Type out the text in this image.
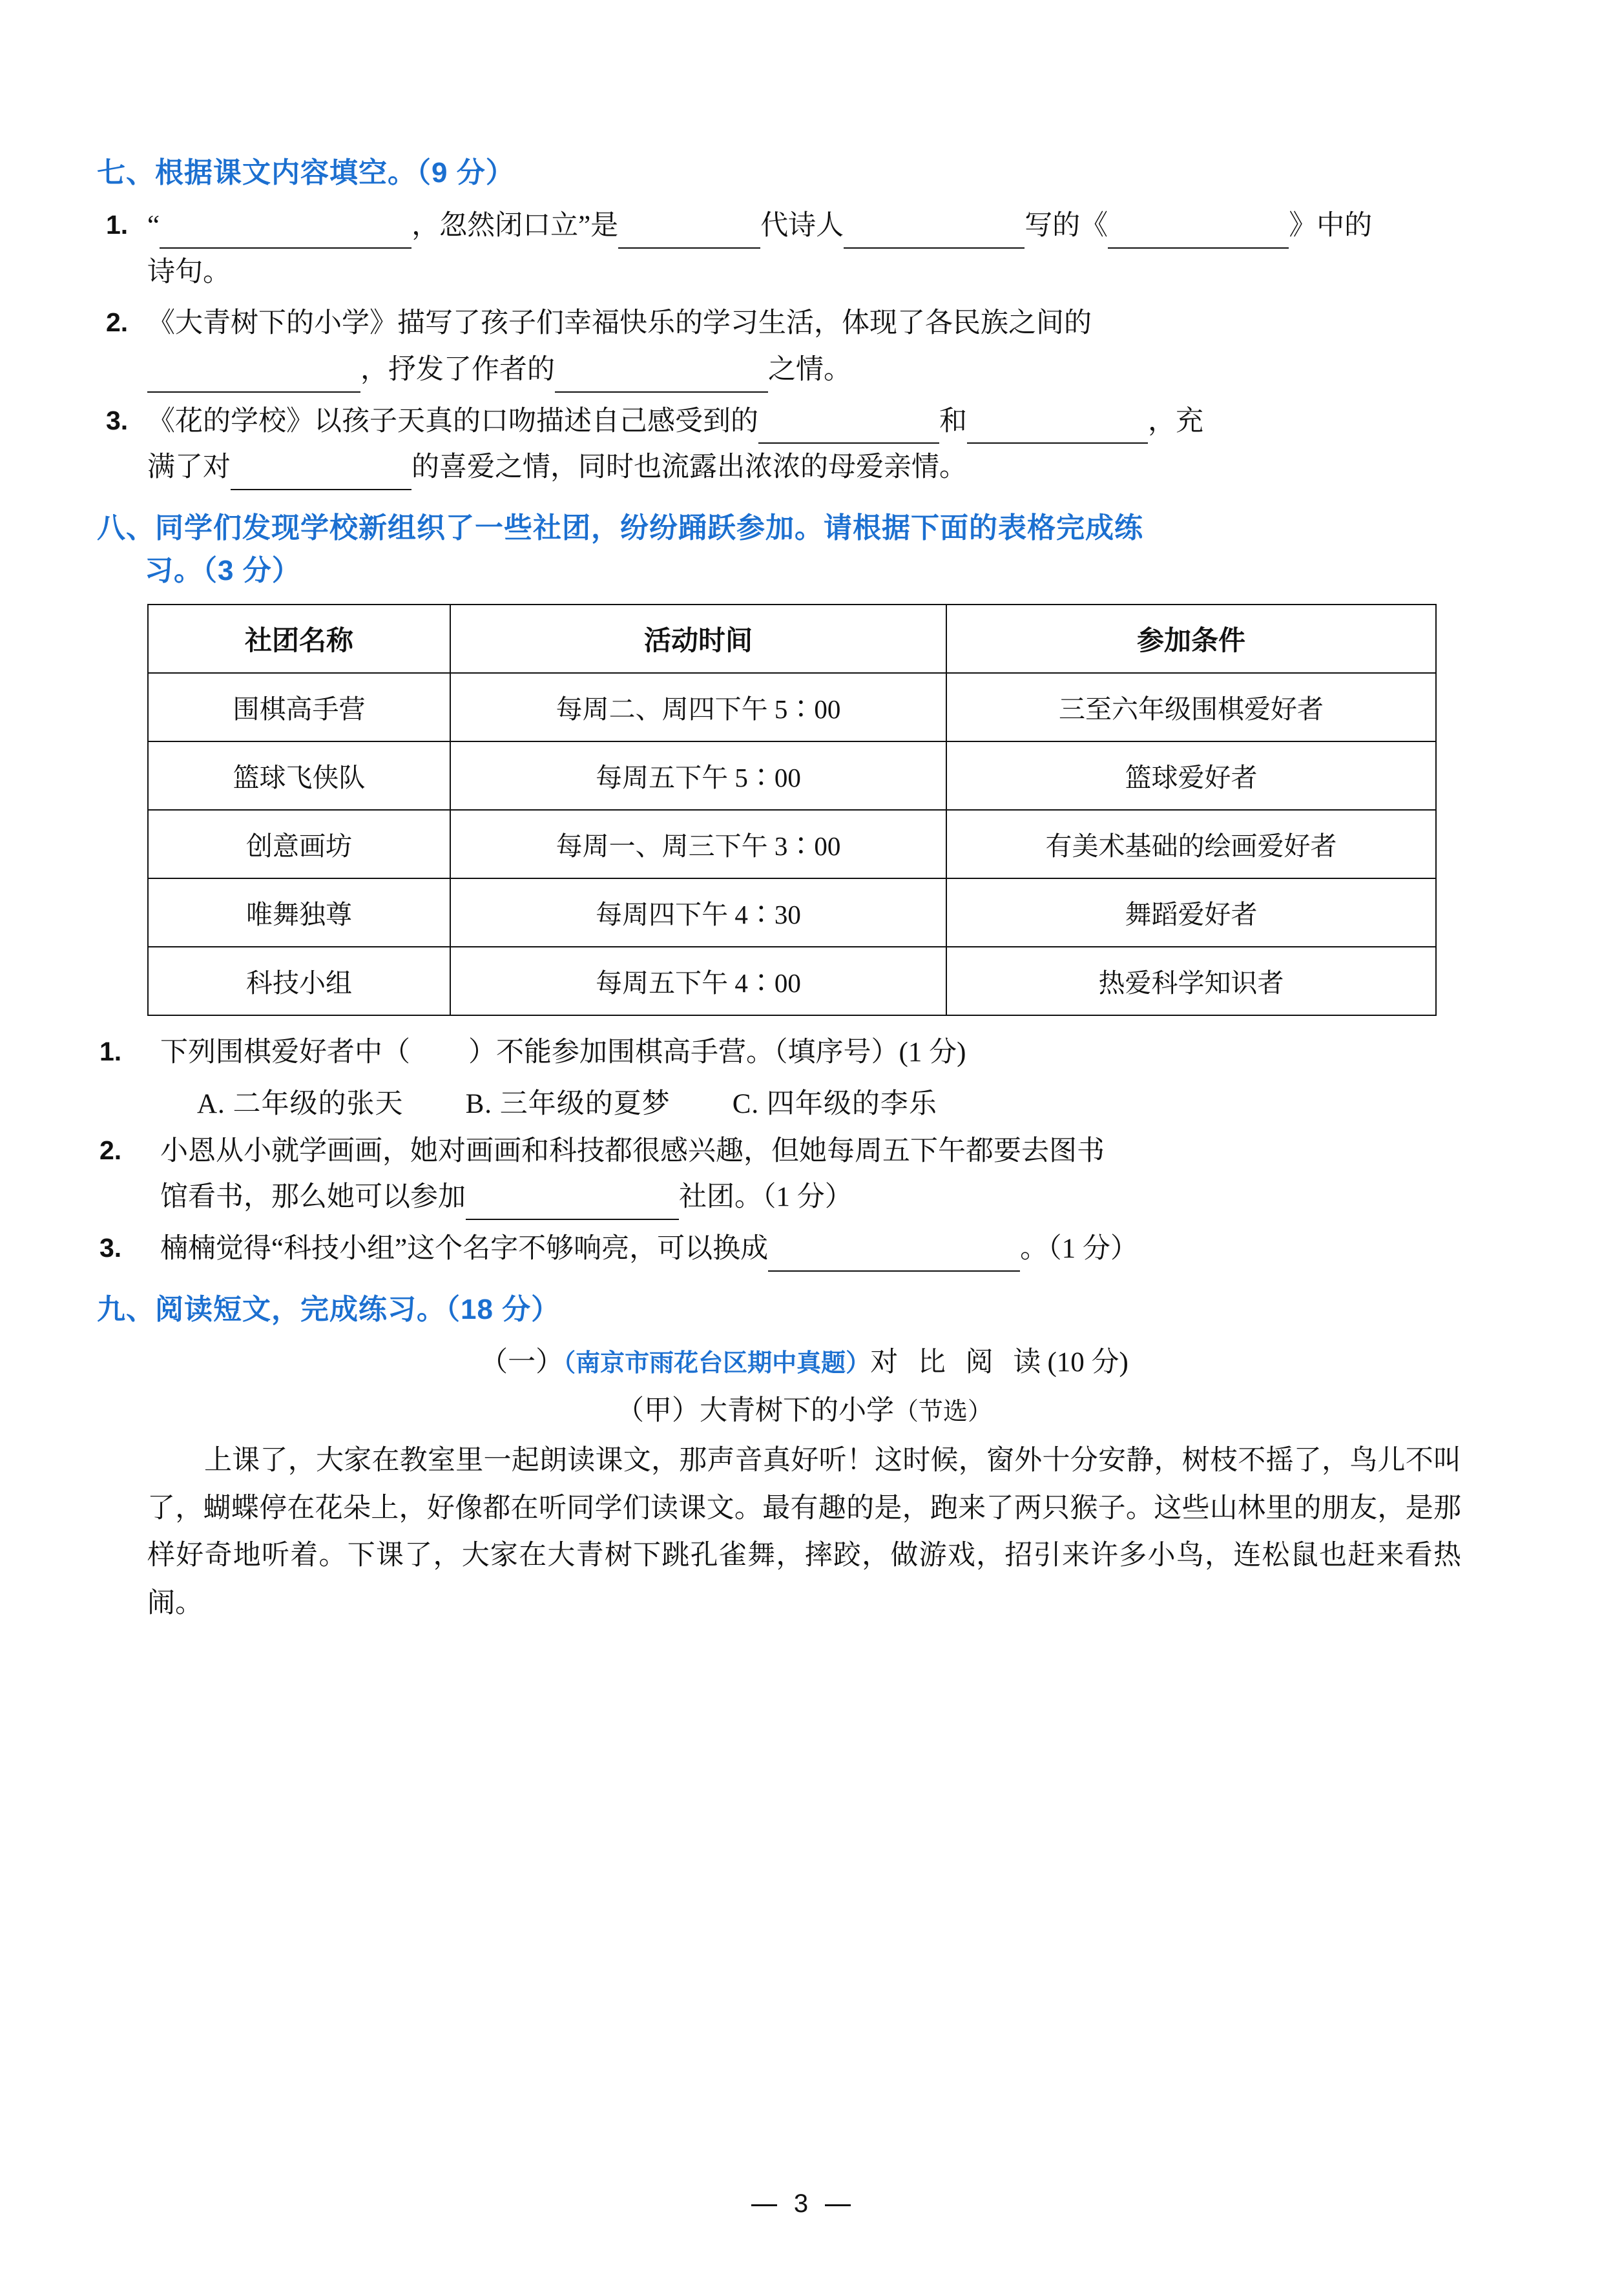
七、根据课文内容填空。（9 分）
1. “	，忽然闭口立”是	代诗人	写的《	》中的
诗句。
2. 《大青树下的小学》描写了孩子们幸福快乐的学习生活，体现了各民族之间的
，抒发了作者的	之情。
3. 《花的学校》以孩子天真的口吻描述自己感受到的	和	，充
满了对	的喜爱之情，同时也流露出浓浓的母爱亲情。
八、同学们发现学校新组织了一些社团，纷纷踊跃参加。请根据下面的表格完成练
习。（3 分）
社团名称	活动时间	参加条件
围棋高手营	每周二、周四下午 5∶00	三至六年级围棋爱好者
篮球飞侠队	每周五下午 5∶00	篮球爱好者
创意画坊	每周一、周三下午 3∶00	有美术基础的绘画爱好者
唯舞独尊	每周四下午 4∶30	舞蹈爱好者
科技小组	每周五下午 4∶00	热爱科学知识者
1. 下列围棋爱好者中（ ）不能参加围棋高手营。（填序号）(1 分)
A. 二年级的张天 B. 三年级的夏梦 C. 四年级的李乐
2. 小恩从小就学画画，她对画画和科技都很感兴趣，但她每周五下午都要去图书
馆看书，那么她可以参加	社团。（1 分）
3. 楠楠觉得“科技小组”这个名字不够响亮，可以换成	。（1 分）
九、阅读短文，完成练习。（18 分）
（一）（南京市雨花台区期中真题）对 比 阅 读(10 分)
（甲）大青树下的小学（节选）
上课了，大家在教室里一起朗读课文，那声音真好听！这时候，窗外十分安静，树枝不摇了，鸟儿不叫了，蝴蝶停在花朵上，好像都在听同学们读课文。最有趣的是，跑来了两只猴子。这些山林里的朋友，是那样好奇地听着。下课了，大家在大青树下跳孔雀舞，摔跤，做游戏，招引来许多小鸟，连松鼠也赶来看热闹。
3
